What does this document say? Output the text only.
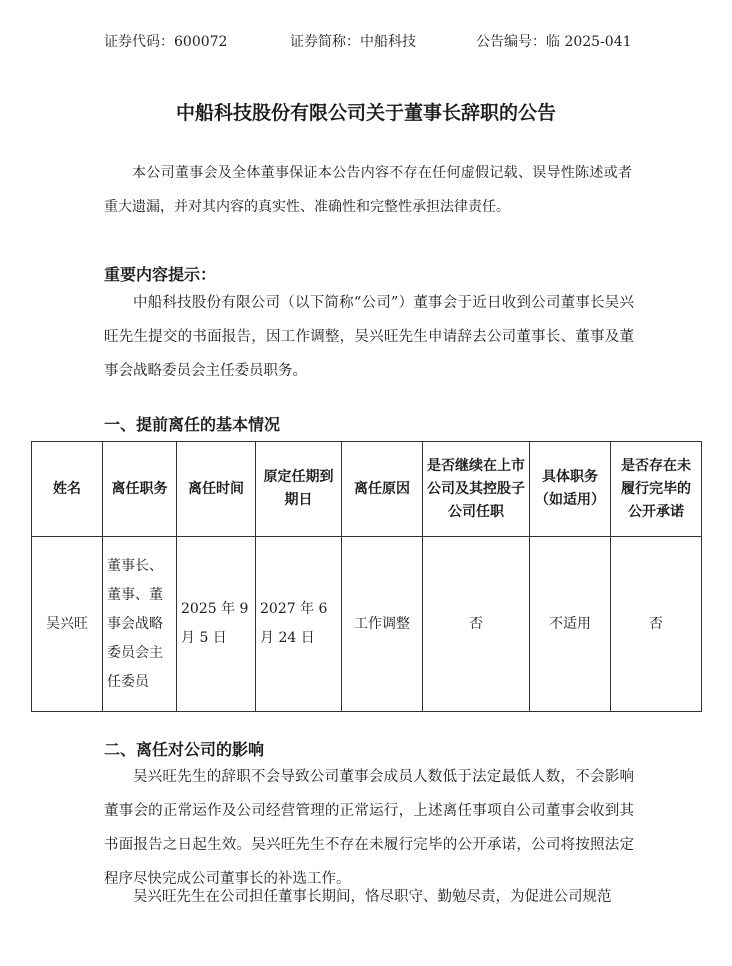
证券代码：600072	证券简称：中船科技	公告编号：临 2025-041
中船科技股份有限公司关于董事长辞职的公告

本公司董事会及全体董事保证本公告内容不存在任何虚假记载、误导性陈述或者重大遗漏，并对其内容的真实性、准确性和完整性承担法律责任。

重要内容提示：

中船科技股份有限公司（以下简称“公司”）董事会于近日收到公司董事长吴兴旺先生提交的书面报告，因工作调整，吴兴旺先生申请辞去公司董事长、董事及董事会战略委员会主任委员职务。

一、提前离任的基本情况
姓名	离任职务	离任时间	原定任期到期日	离任原因	是否继续在上市公司及其控股子公司任职	具体职务（如适用）	是否存在未履行完毕的公开承诺
吴兴旺	董事长、董事、董事会战略委员会主任委员	2025 年 9 月 5 日	2027 年 6 月 24 日	工作调整	否	不适用	否
二、离任对公司的影响

吴兴旺先生的辞职不会导致公司董事会成员人数低于法定最低人数，不会影响董事会的正常运作及公司经营管理的正常运行，上述离任事项自公司董事会收到其书面报告之日起生效。吴兴旺先生不存在未履行完毕的公开承诺，公司将按照法定程序尽快完成公司董事长的补选工作。

吴兴旺先生在公司担任董事长期间，恪尽职守、勤勉尽责，为促进公司规范
